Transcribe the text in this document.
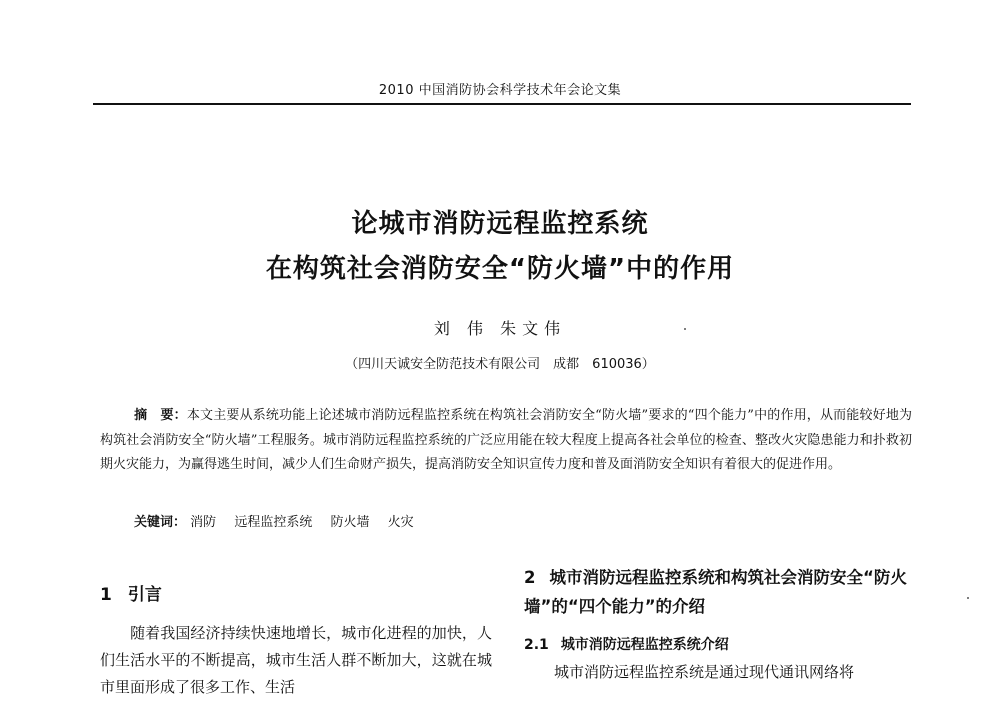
2010 中国消防协会科学技术年会论文集
论城市消防远程监控系统
在构筑社会消防安全“防火墙”中的作用
刘 伟 朱文伟
（四川天诚安全防范技术有限公司　成都　610036）
摘　要：本文主要从系统功能上论述城市消防远程监控系统在构筑社会消防安全“防火墙”要求的“四个能力”中的作用，从而能较好地为构筑社会消防安全“防火墙”工程服务。城市消防远程监控系统的广泛应用能在较大程度上提高各社会单位的检查、整改火灾隐患能力和扑救初期火灾能力，为赢得逃生时间，减少人们生命财产损失，提高消防安全知识宣传力度和普及面消防安全知识有着很大的促进作用。
关键词： 消防 远程监控系统 防火墙 火灾
1 引言
随着我国经济持续快速地增长，城市化进程的加快，人们生活水平的不断提高，城市生活人群不断加大，这就在城市里面形成了很多工作、生活
2 城市消防远程监控系统和构筑社会消防安全“防火墙”的“四个能力”的介绍
2.1 城市消防远程监控系统介绍
城市消防远程监控系统是通过现代通讯网络将
